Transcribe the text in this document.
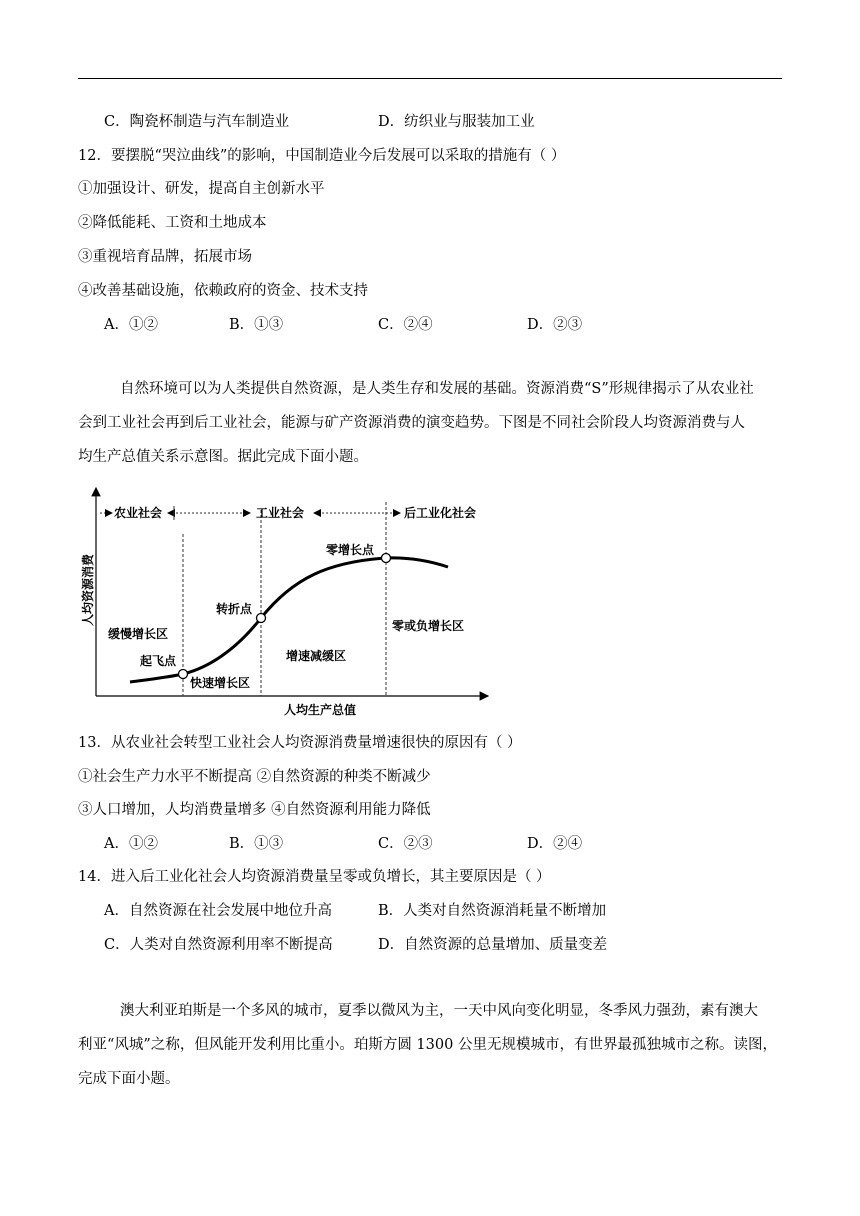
C．陶瓷杯制造与汽车制造业	D．纺织业与服装加工业
12．要摆脱“哭泣曲线”的影响，中国制造业今后发展可以采取的措施有（ ）
①加强设计、研发，提高自主创新水平
②降低能耗、工资和土地成本
③重视培育品牌，拓展市场
④改善基础设施，依赖政府的资金、技术支持
A．①②	B．①③	C．②④	D．②③
自然环境可以为人类提供自然资源，是人类生存和发展的基础。资源消费“S”形规律揭示了从农业社
会到工业社会再到后工业社会，能源与矿产资源消费的演变趋势。下图是不同社会阶段人均资源消费与人
均生产总值关系示意图。据此完成下面小题。
农业社会	工业社会	后工业化社会
起飞点
转折点
零增长点
缓慢增长区
快速增长区
增速减缓区
零或负增长区
人均生产总值
人均资源消费
13．从农业社会转型工业社会人均资源消费量增速很快的原因有（ ）
①社会生产力水平不断提高 ②自然资源的种类不断减少
③人口增加，人均消费量增多 ④自然资源利用能力降低
A．①②	B．①③	C．②③	D．②④
14．进入后工业化社会人均资源消费量呈零或负增长，其主要原因是（ ）
A．自然资源在社会发展中地位升高	B．人类对自然资源消耗量不断增加
C．人类对自然资源利用率不断提高	D．自然资源的总量增加、质量变差
澳大利亚珀斯是一个多风的城市，夏季以微风为主，一天中风向变化明显，冬季风力强劲，素有澳大
利亚“风城”之称，但风能开发利用比重小。珀斯方圆 1300 公里无规模城市，有世界最孤独城市之称。读图，
完成下面小题。
